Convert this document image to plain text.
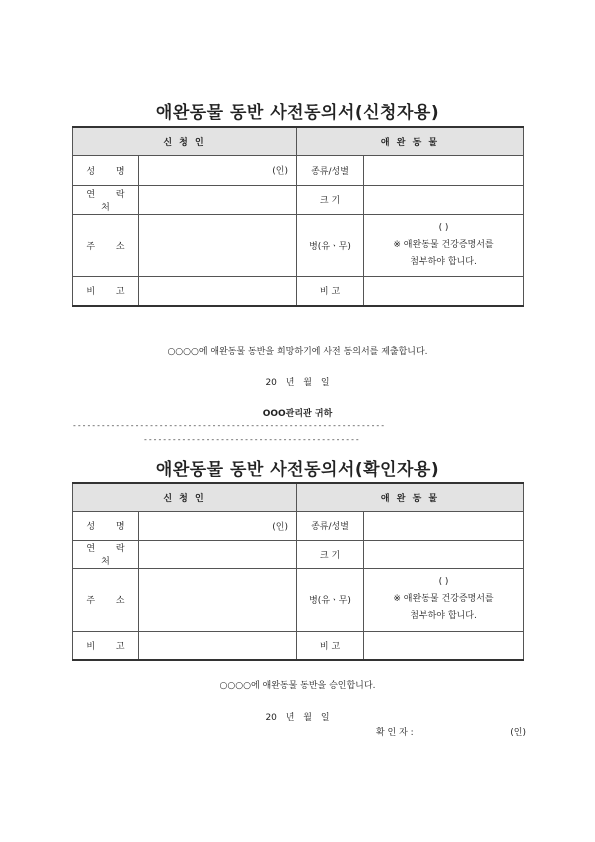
애완동물 동반 사전동의서(신청자용)
신 청 인		애 완 동 물	
성 명	(인)	종류/성별	
연 락 처		크 기	
주 소		병(유ㆍ무)	( )
※ 애완동물 건강증명서를
첨부하야 합니다.

비 고		비 고	
○○○○에 애완동물 동반을 희망하기에 사전 동의서를 제출합니다.
20 년 월 일
OOO관리관 귀하
-----------------------------------------------------------------
---------------------------------------------
애완동물 동반 사전동의서(확인자용)
신 청 인		애 완 동 물	
성 명	(인)	종류/성별	
연 락 처		크 기	
주 소		병(유ㆍ무)	( )
※ 애완동물 건강증명서를
첨부하야 합니다.

비 고		비 고	
○○○○에 애완동물 동반을 승인합니다.
20 년 월 일
확 인 자 :	(인)
